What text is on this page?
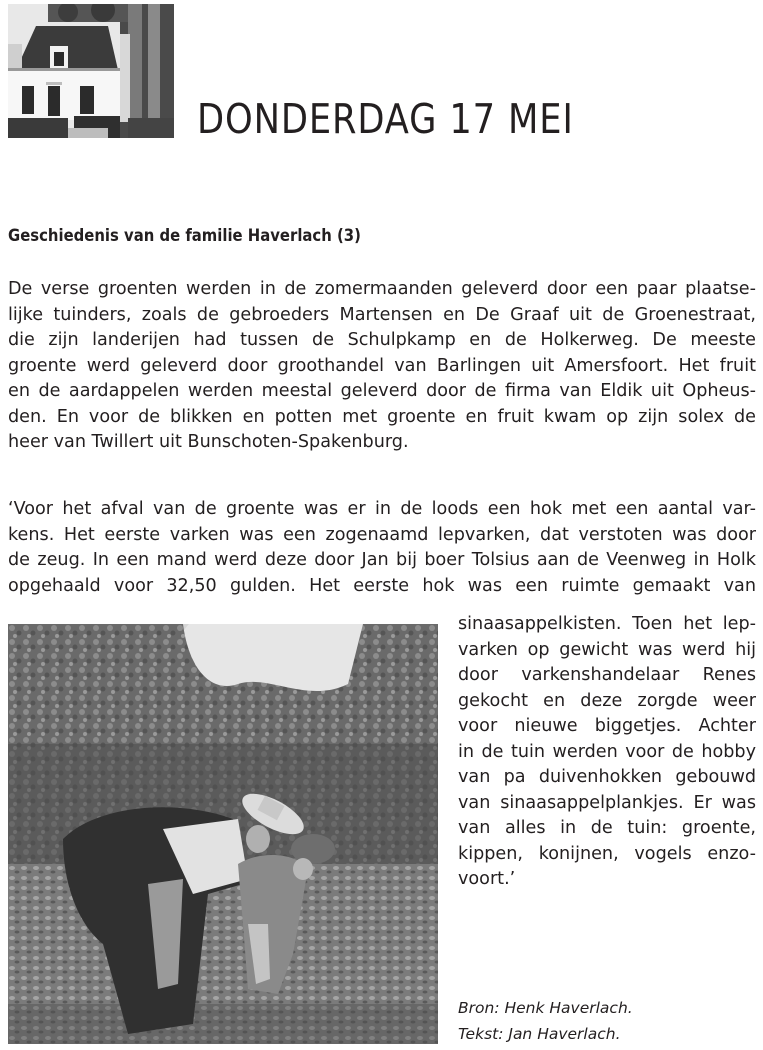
DONDERDAG 17 MEI
Geschiedenis van de familie Haverlach (3)
De verse groenten werden in de zomermaanden geleverd door een paar plaatse-
lijke tuinders, zoals de gebroeders Martensen en De Graaf uit de Groenestraat,
die zijn landerijen had tussen de Schulpkamp en de Holkerweg. De meeste
groente werd geleverd door groothandel van Barlingen uit Amersfoort. Het fruit
en de aardappelen werden meestal geleverd door de firma van Eldik uit Opheus-
den. En voor de blikken en potten met groente en fruit kwam op zijn solex de
heer van Twillert uit Bunschoten-Spakenburg.
‘Voor het afval van de groente was er in de loods een hok met een aantal var-
kens. Het eerste varken was een zogenaamd lepvarken, dat verstoten was door
de zeug. In een mand werd deze door Jan bij boer Tolsius aan de Veenweg in Holk
opgehaald voor 32,50 gulden. Het eerste hok was een ruimte gemaakt van
sinaasappelkisten. Toen het lep-
varken op gewicht was werd hij
door varkenshandelaar Renes
gekocht en deze zorgde weer
voor nieuwe biggetjes. Achter
in de tuin werden voor de hobby
van pa duivenhokken gebouwd
van sinaasappelplankjes. Er was
van alles in de tuin: groente,
kippen, konijnen, vogels enzo-
voort.’
Bron: Henk Haverlach.
Tekst: Jan Haverlach.
